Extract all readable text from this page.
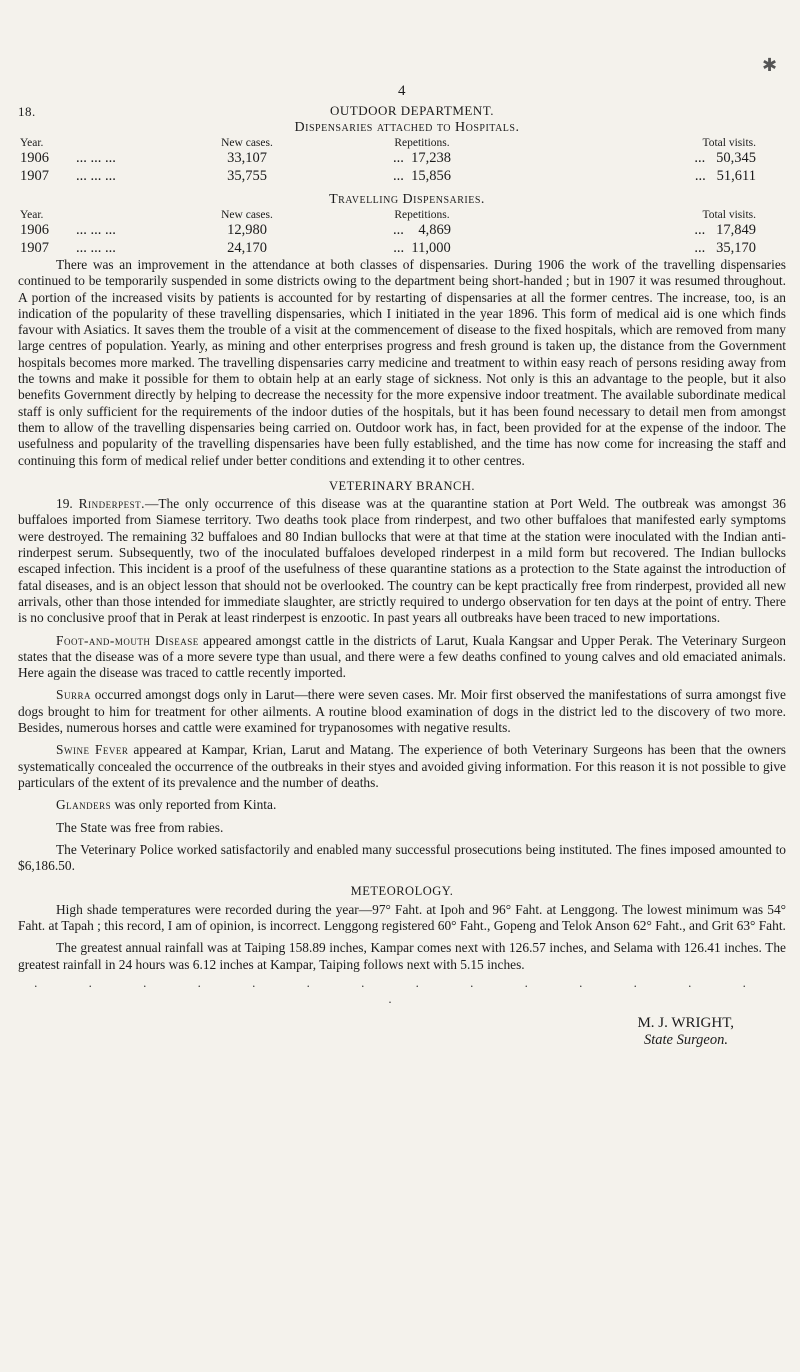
✱
4
18.	OUTDOOR DEPARTMENT.
Dispensaries attached to Hospitals.
Year.		New cases.	Repetitions.	Total visits.
1906	... ... ...	33,107	... 17,238	... 50,345
1907	... ... ...	35,755	... 15,856	... 51,611
Travelling Dispensaries.
Year.		New cases.	Repetitions.	Total visits.
1906	... ... ...	12,980	... 4,869	... 17,849
1907	... ... ...	24,170	... 11,000	... 35,170

There was an improvement in the attendance at both classes of dispensaries. During 1906 the work of the travelling dispensaries continued to be temporarily suspended in some districts owing to the department being short-handed ; but in 1907 it was resumed throughout. A portion of the increased visits by patients is accounted for by restarting of dispensaries at all the former centres. The increase, too, is an indication of the popularity of these travelling dispensaries, which I initiated in the year 1896. This form of medical aid is one which finds favour with Asiatics. It saves them the trouble of a visit at the commencement of disease to the fixed hospitals, which are removed from many large centres of population. Yearly, as mining and other enterprises progress and fresh ground is taken up, the distance from the Government hospitals becomes more marked. The travelling dispensaries carry medicine and treatment to within easy reach of persons residing away from the towns and make it possible for them to obtain help at an early stage of sickness. Not only is this an advantage to the people, but it also benefits Government directly by helping to decrease the necessity for the more expensive indoor treatment. The available subordinate medical staff is only sufficient for the requirements of the indoor duties of the hospitals, but it has been found necessary to detail men from amongst them to allow of the travelling dispensaries being carried on. Outdoor work has, in fact, been provided for at the expense of the indoor. The usefulness and popularity of the travelling dispensaries have been fully established, and the time has now come for increasing the staff and continuing this form of medical relief under better conditions and extending it to other centres.

VETERINARY BRANCH.

19. Rinderpest.—The only occurrence of this disease was at the quarantine station at Port Weld. The outbreak was amongst 36 buffaloes imported from Siamese territory. Two deaths took place from rinderpest, and two other buffaloes that manifested early symptoms were destroyed. The remaining 32 buffaloes and 80 Indian bullocks that were at that time at the station were inoculated with the Indian anti-rinderpest serum. Subsequently, two of the inoculated buffaloes developed rinderpest in a mild form but recovered. The Indian bullocks escaped infection. This incident is a proof of the usefulness of these quarantine stations as a protection to the State against the introduction of fatal diseases, and is an object lesson that should not be overlooked. The country can be kept practically free from rinderpest, provided all new arrivals, other than those intended for immediate slaughter, are strictly required to undergo observation for ten days at the point of entry. There is no conclusive proof that in Perak at least rinderpest is enzootic. In past years all outbreaks have been traced to new importations.

Foot-and-mouth Disease appeared amongst cattle in the districts of Larut, Kuala Kangsar and Upper Perak. The Veterinary Surgeon states that the disease was of a more severe type than usual, and there were a few deaths confined to young calves and old emaciated animals. Here again the disease was traced to cattle recently imported.

Surra occurred amongst dogs only in Larut—there were seven cases. Mr. Moir first observed the manifestations of surra amongst five dogs brought to him for treatment for other ailments. A routine blood examination of dogs in the district led to the discovery of two more. Besides, numerous horses and cattle were examined for trypanosomes with negative results.

Swine Fever appeared at Kampar, Krian, Larut and Matang. The experience of both Veterinary Surgeons has been that the owners systematically concealed the occurrence of the outbreaks in their styes and avoided giving information. For this reason it is not possible to give particulars of the extent of its prevalence and the number of deaths.

Glanders was only reported from Kinta.

The State was free from rabies.

The Veterinary Police worked satisfactorily and enabled many successful prosecutions being instituted. The fines imposed amounted to $6,186.50.

METEOROLOGY.

High shade temperatures were recorded during the year—97° Faht. at Ipoh and 96° Faht. at Lenggong. The lowest minimum was 54° Faht. at Tapah ; this record, I am of opinion, is incorrect. Lenggong registered 60° Faht., Gopeng and Telok Anson 62° Faht., and Grit 63° Faht.

The greatest annual rainfall was at Taiping 158.89 inches, Kampar comes next with 126.57 inches, and Selama with 126.41 inches. The greatest rainfall in 24 hours was 6.12 inches at Kampar, Taiping follows next with 5.15 inches.

. . . . . . . . . . . . . . .
M. J. WRIGHT,
State Surgeon.
